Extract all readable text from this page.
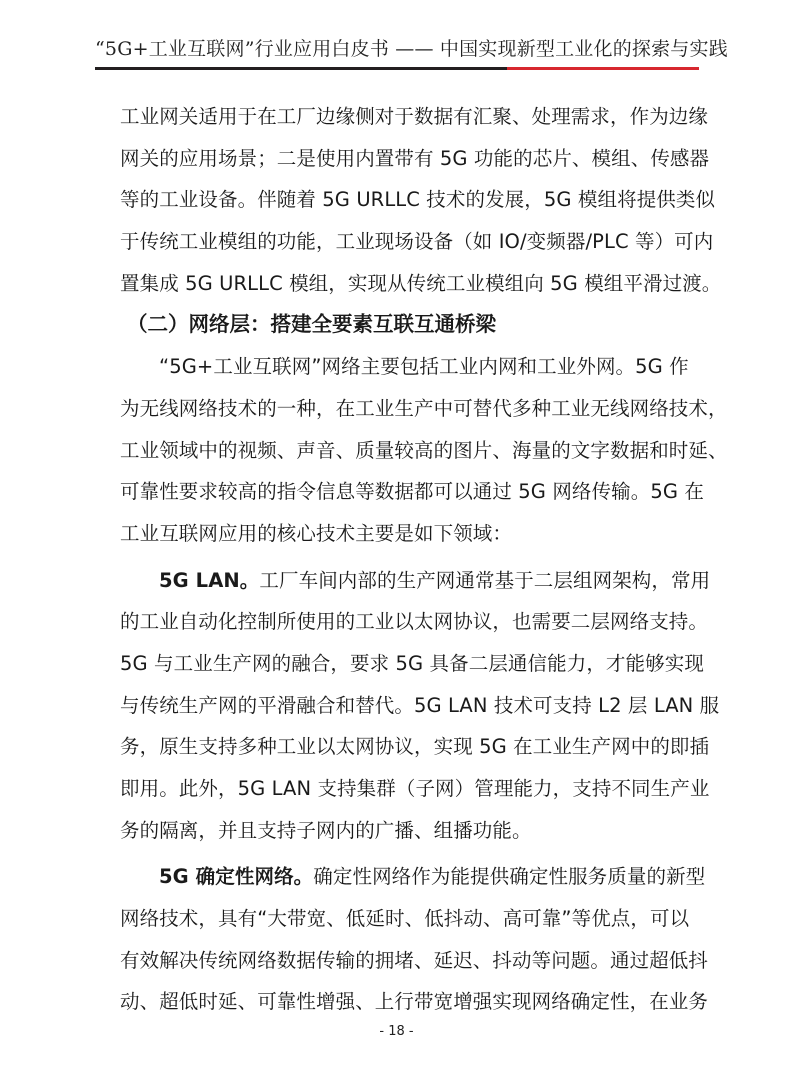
“5G+工业互联网”行业应用白皮书 —— 中国实现新型工业化的探索与实践
工业网关适用于在工厂边缘侧对于数据有汇聚、处理需求，作为边缘
网关的应用场景；二是使用内置带有 5G 功能的芯片、模组、传感器
等的工业设备。伴随着 5G URLLC 技术的发展，5G 模组将提供类似
于传统工业模组的功能，工业现场设备（如 IO/变频器/PLC 等）可内
置集成 5G URLLC 模组，实现从传统工业模组向 5G 模组平滑过渡。
（二）网络层：搭建全要素互联互通桥梁
“5G+工业互联网”网络主要包括工业内网和工业外网。5G 作
为无线网络技术的一种，在工业生产中可替代多种工业无线网络技术，
工业领域中的视频、声音、质量较高的图片、海量的文字数据和时延、
可靠性要求较高的指令信息等数据都可以通过 5G 网络传输。5G 在
工业互联网应用的核心技术主要是如下领域：
5G LAN。工厂车间内部的生产网通常基于二层组网架构，常用
的工业自动化控制所使用的工业以太网协议，也需要二层网络支持。
5G 与工业生产网的融合，要求 5G 具备二层通信能力，才能够实现
与传统生产网的平滑融合和替代。5G LAN 技术可支持 L2 层 LAN 服
务，原生支持多种工业以太网协议，实现 5G 在工业生产网中的即插
即用。此外，5G LAN 支持集群（子网）管理能力，支持不同生产业
务的隔离，并且支持子网内的广播、组播功能。
5G 确定性网络。确定性网络作为能提供确定性服务质量的新型
网络技术，具有“大带宽、低延时、低抖动、高可靠”等优点，可以
有效解决传统网络数据传输的拥堵、延迟、抖动等问题。通过超低抖
动、超低时延、可靠性增强、上行带宽增强实现网络确定性，在业务
- 18 -
